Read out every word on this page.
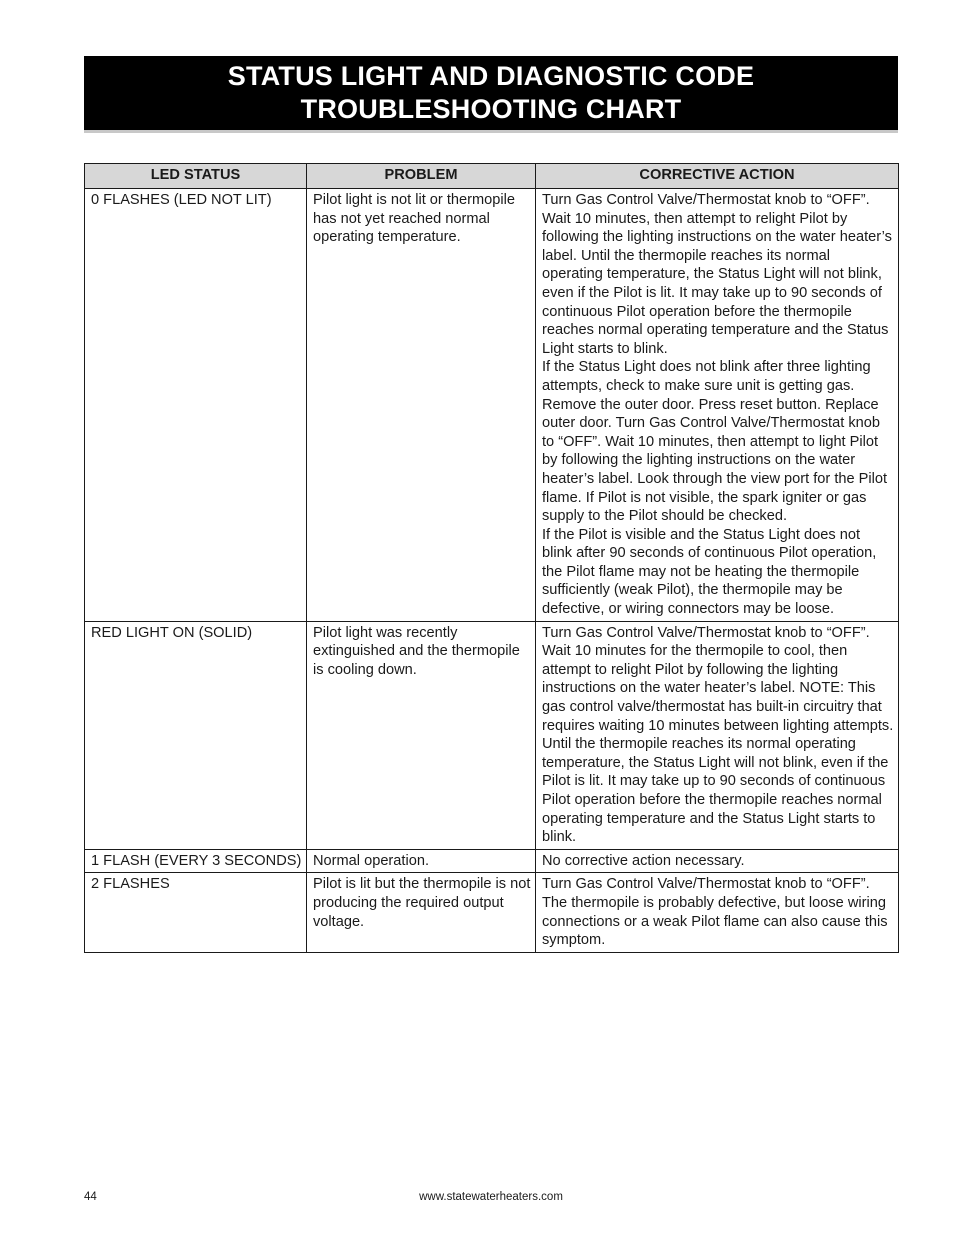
STATUS LIGHT AND DIAGNOSTIC CODE
TROUBLESHOOTING CHART
LED STATUS	PROBLEM	CORRECTIVE ACTION
0 FLASHES (LED NOT LIT)	Pilot light is not lit or thermopile has not yet reached normal operating temperature.	Turn Gas Control Valve/Thermostat knob to “OFF”. Wait 10 minutes, then attempt to relight Pilot by following the lighting instructions on the water heater’s label. Until the thermopile reaches its normal operating temperature, the Status Light will not blink, even if the Pilot is lit. It may take up to 90 seconds of continuous Pilot operation before the thermopile reaches normal operating temperature and the Status Light starts to blink.
If the Status Light does not blink after three lighting attempts, check to make sure unit is getting gas. Remove the outer door. Press reset button. Replace outer door. Turn Gas Control Valve/Thermostat knob to “OFF”. Wait 10 minutes, then attempt to light Pilot by following the lighting instructions on the water heater’s label. Look through the view port for the Pilot flame. If Pilot is not visible, the spark igniter or gas supply to the Pilot should be checked.
If the Pilot is visible and the Status Light does not blink after 90 seconds of continuous Pilot operation, the Pilot flame may not be heating the thermopile sufficiently (weak Pilot), the thermopile may be defective, or wiring connectors may be loose.

RED LIGHT ON (SOLID)	Pilot light was recently extinguished and the thermopile is cooling down.	Turn Gas Control Valve/Thermostat knob to “OFF”. Wait 10 minutes for the thermopile to cool, then attempt to relight Pilot by following the lighting instructions on the water heater’s label. NOTE: This gas control valve/thermostat has built-in circuitry that requires waiting 10 minutes between lighting attempts.
Until the thermopile reaches its normal operating temperature, the Status Light will not blink, even if the Pilot is lit. It may take up to 90 seconds of continuous Pilot operation before the thermopile reaches normal operating temperature and the Status Light starts to blink.

1 FLASH (EVERY 3 SECONDS)	Normal operation.	No corrective action necessary.

2 FLASHES	Pilot is lit but the thermopile is not producing the required output voltage.	Turn Gas Control Valve/Thermostat knob to “OFF”. The thermopile is probably defective, but loose wiring connections or a weak Pilot flame can also cause this symptom.
44	www.statewaterheaters.com
